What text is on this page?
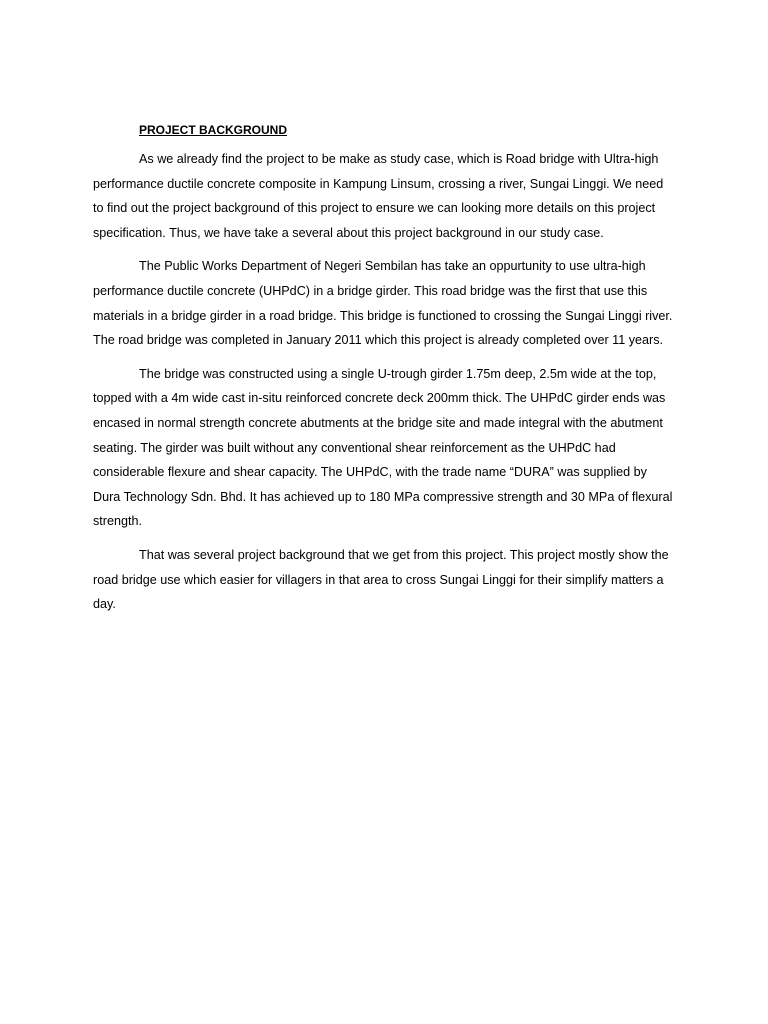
PROJECT BACKGROUND

As we already find the project to be make as study case, which is Road bridge with Ultra-high performance ductile concrete composite in Kampung Linsum, crossing a river, Sungai Linggi. We need to find out the project background of this project to ensure we can looking more details on this project specification. Thus, we have take a several about this project background in our study case.

The Public Works Department of Negeri Sembilan has take an oppurtunity to use ultra-high performance ductile concrete (UHPdC) in a bridge girder. This road bridge was the first that use this materials in a bridge girder in a road bridge. This bridge is functioned to crossing the Sungai Linggi river. The road bridge was completed in January 2011 which this project is already completed over 11 years.

The bridge was constructed using a single U-trough girder 1.75m deep, 2.5m wide at the top, topped with a 4m wide cast in-situ reinforced concrete deck 200mm thick. The UHPdC girder ends was encased in normal strength concrete abutments at the bridge site and made integral with the abutment seating. The girder was built without any conventional shear reinforcement as the UHPdC had considerable flexure and shear capacity. The UHPdC, with the trade name “DURA” was supplied by Dura Technology Sdn. Bhd. It has achieved up to 180 MPa compressive strength and 30 MPa of flexural strength.

That was several project background that we get from this project. This project mostly show the road bridge use which easier for villagers in that area to cross Sungai Linggi for their simplify matters a day.
